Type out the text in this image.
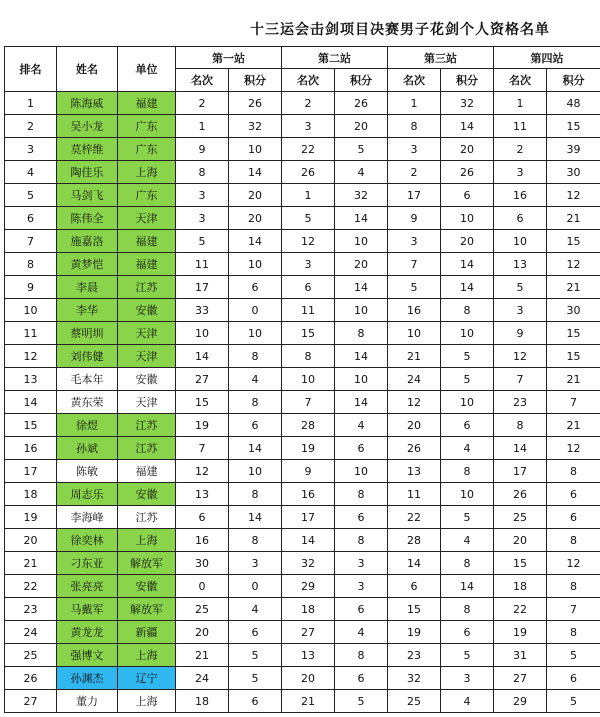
十三运会击剑项目决赛男子花剑个人资格名单
排名	姓名	单位	第一站		第二站		第三站		第四站	
			名次	积分	名次	积分	名次	积分	名次	积分
1	陈海威	福建	2	26	2	26	1	32	1	48
2	吴小龙	广东	1	32	3	20	8	14	11	15
3	莫梓维	广东	9	10	22	5	3	20	2	39
4	陶佳乐	上海	8	14	26	4	2	26	3	30
5	马剑飞	广东	3	20	1	32	17	6	16	12
6	陈伟全	天津	3	20	5	14	9	10	6	21
7	施嘉洛	福建	5	14	12	10	3	20	10	15
8	黄梦恺	福建	11	10	3	20	7	14	13	12
9	李晨	江苏	17	6	6	14	5	14	5	21
10	李华	安徽	33	0	11	10	16	8	3	30
11	蔡明圳	天津	10	10	15	8	10	10	9	15
12	刘伟健	天津	14	8	8	14	21	5	12	15
13	毛本年	安徽	27	4	10	10	24	5	7	21
14	黄东荣	天津	15	8	7	14	12	10	23	7
15	徐煜	江苏	19	6	28	4	20	6	8	21
16	孙斌	江苏	7	14	19	6	26	4	14	12
17	陈敏	福建	12	10	9	10	13	8	17	8
18	周志乐	安徽	13	8	16	8	11	10	26	6
19	李海峰	江苏	6	14	17	6	22	5	25	6
20	徐奕林	上海	16	8	14	8	28	4	20	8
21	刁东亚	解放军	30	3	32	3	14	8	15	12
22	张亮亮	安徽	0	0	29	3	6	14	18	8
23	马戴军	解放军	25	4	18	6	15	8	22	7
24	黄龙龙	新疆	20	6	27	4	19	6	19	8
25	强博文	上海	21	5	13	8	23	5	31	5
26	孙渊杰	辽宁	24	5	20	6	32	3	27	6
27	董力	上海	18	6	21	5	25	4	29	5
